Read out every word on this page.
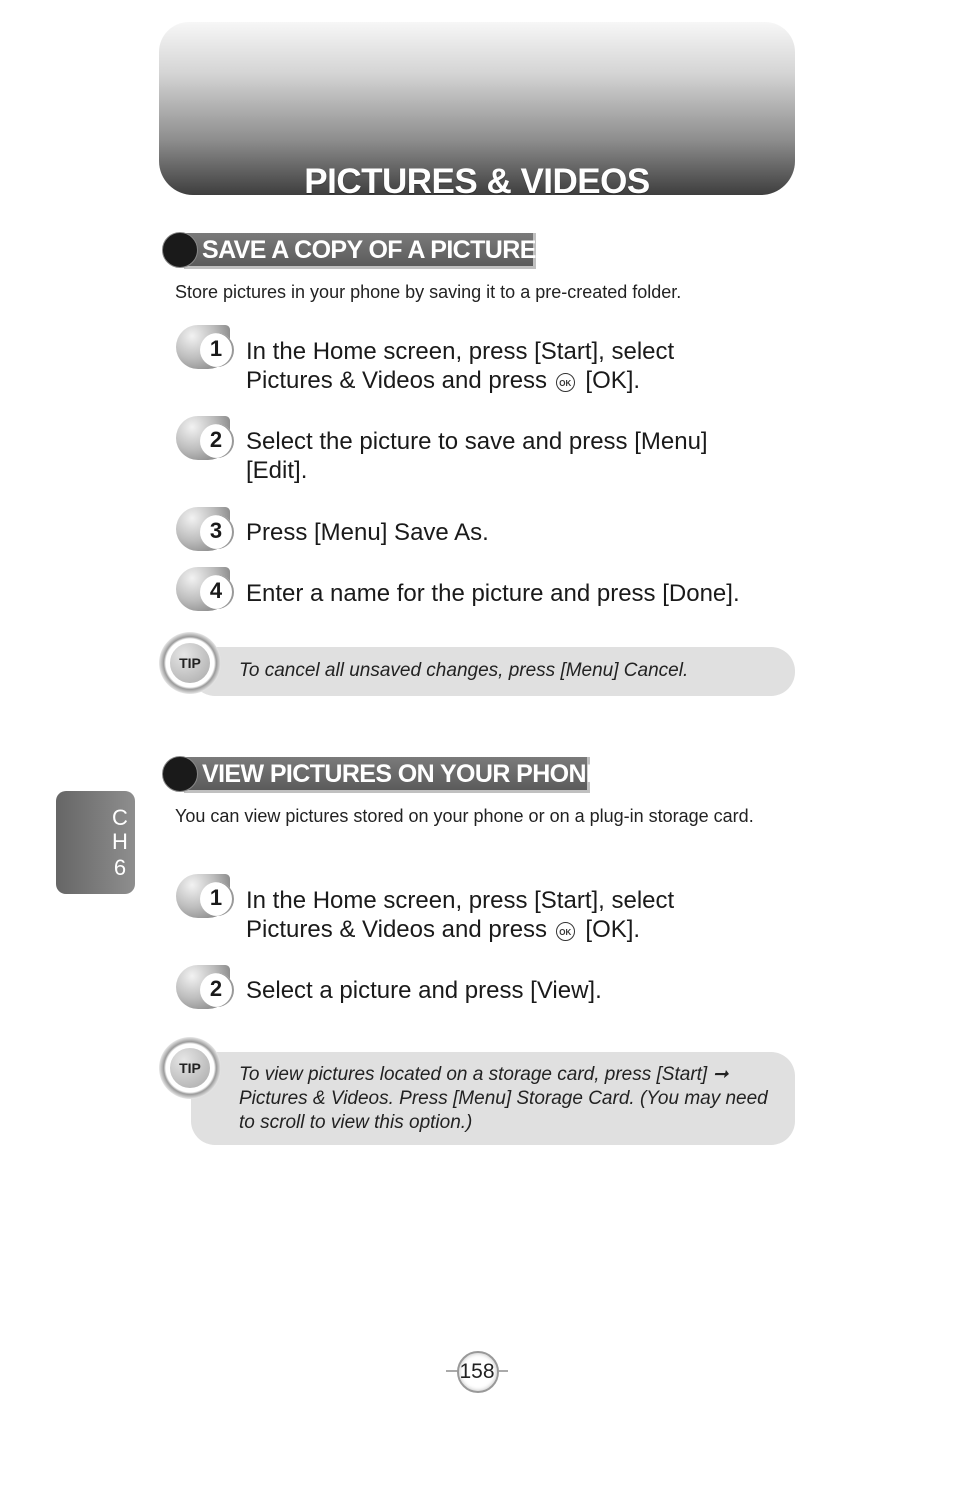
PICTURES & VIDEOS
SAVE A COPY OF A PICTURE
Store pictures in your phone by saving it to a pre-created folder.
1 In the Home screen, press [Start], select
Pictures & Videos and press OK [OK].
2 Select the picture to save and press [Menu] [Edit].
3 Press [Menu] Save As.
4 Enter a name for the picture and press [Done].
To cancel all unsaved changes, press [Menu] Cancel.
TIP
VIEW PICTURES ON YOUR PHONE
You can view pictures stored on your phone or on a plug-in storage card.
C
H
6
1 In the Home screen, press [Start], select
Pictures & Videos and press OK [OK].
2 Select a picture and press [View].
To view pictures located on a storage card, press [Start] ➞ Pictures & Videos. Press [Menu] Storage Card. (You may need to scroll to view this option.)
TIP
158
